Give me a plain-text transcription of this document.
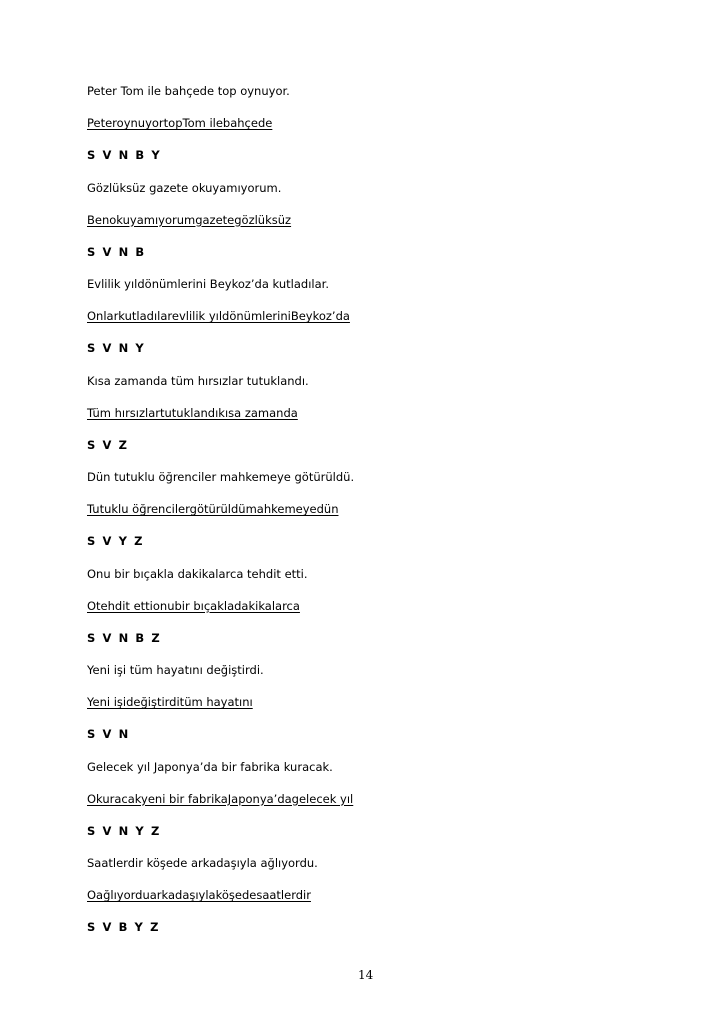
Peter Tom ile bahçede top oynuyor.
PeteroynuyortopTom ilebahçede
S V N B Y
Gözlüksüz gazete okuyamıyorum.
Benokuyamıyorumgazetegözlüksüz
S V N B
Evlilik yıldönümlerini Beykoz’da kutladılar.
Onlarkutladılarevlilik yıldönümleriniBeykoz’da
S V N Y
Kısa zamanda tüm hırsızlar tutuklandı.
Tüm hırsızlartutuklandıkısa zamanda
S V Z
Dün tutuklu öğrenciler mahkemeye götürüldü.
Tutuklu öğrencilergötürüldümahkemeyedün
S V Y Z
Onu bir bıçakla dakikalarca tehdit etti.
Otehdit ettionubir bıçakladakikalarca
S V N B Z
Yeni işi tüm hayatını değiştirdi.
Yeni işideğiştirditüm hayatını
S V N
Gelecek yıl Japonya’da bir fabrika kuracak.
Okuracakyeni bir fabrikaJaponya’dagelecek yıl
S V N Y Z
Saatlerdir köşede arkadaşıyla ağlıyordu.
Oağlıyorduarkadaşıylaköşedesaatlerdir
S V B Y Z
14
